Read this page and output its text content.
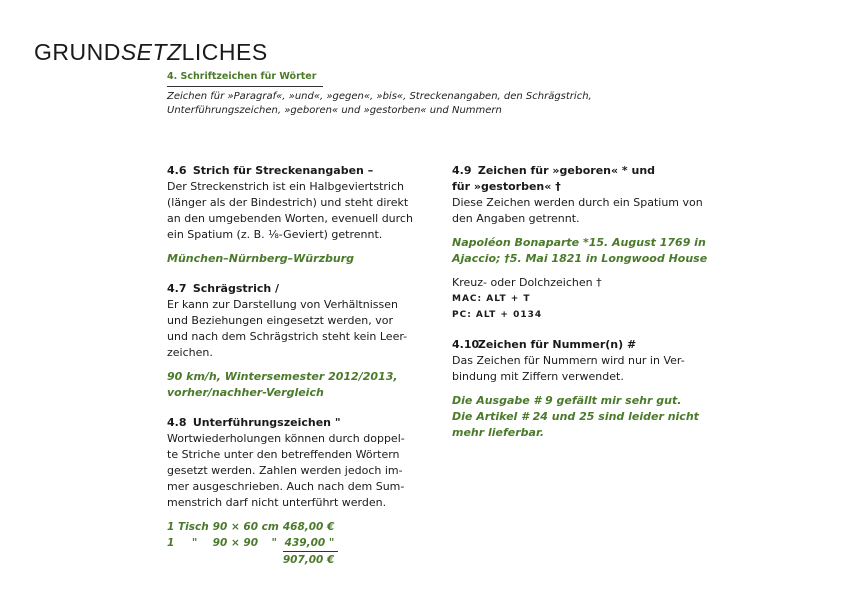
GRUNDSETZLICHES
4. Schriftzeichen für Wörter

Zeichen für »Paragraf«, »und«, »gegen«, »bis«, Streckenangaben, den Schrägstrich,
Unterführungszeichen, »geboren« und »gestorben« und Nummern

4.6 Strich für Streckenangaben –

Der Streckenstrich ist ein Halbgeviertstrich
(länger als der Bindestrich) und steht direkt
an den umgebenden Worten, evenuell durch
ein Spatium (z. B. ⅛-Geviert) getrennt.

München–Nürnberg–Würzburg

4.7 Schrägstrich /

Er kann zur Darstellung von Verhältnissen
und Beziehungen eingesetzt werden, vor
und nach dem Schrägstrich steht kein Leer-
zeichen.

90 km/h, Wintersemester 2012/2013,
vorher/nachher-Vergleich

4.8 Unterführungszeichen "

Wortwiederholungen können durch doppel-
te Striche unter den betreffenden Wörtern
gesetzt werden. Zahlen werden jedoch im-
mer ausgeschrieben. Auch nach dem Sum-
menstrich darf nicht unterführt werden.

1 Tisch		90 × 60 cm		468,00 €
1	"	90 × 90	"	439,00 "
				907,00 €

4.9 Zeichen für »geboren« * und
für »gestorben« †

Diese Zeichen werden durch ein Spatium von
den Angaben getrennt.

Napoléon Bonaparte *15. August 1769 in
Ajaccio; †5. Mai 1821 in Longwood House

Kreuz- oder Dolchzeichen †

MAC: ALT + T

PC: ALT + 0134

4.10 Zeichen für Nummer(n) #

Das Zeichen für Nummern wird nur in Ver-
bindung mit Ziffern verwendet.

Die Ausgabe # 9 gefällt mir sehr gut.
Die Artikel # 24 und 25 sind leider nicht
mehr lieferbar.
